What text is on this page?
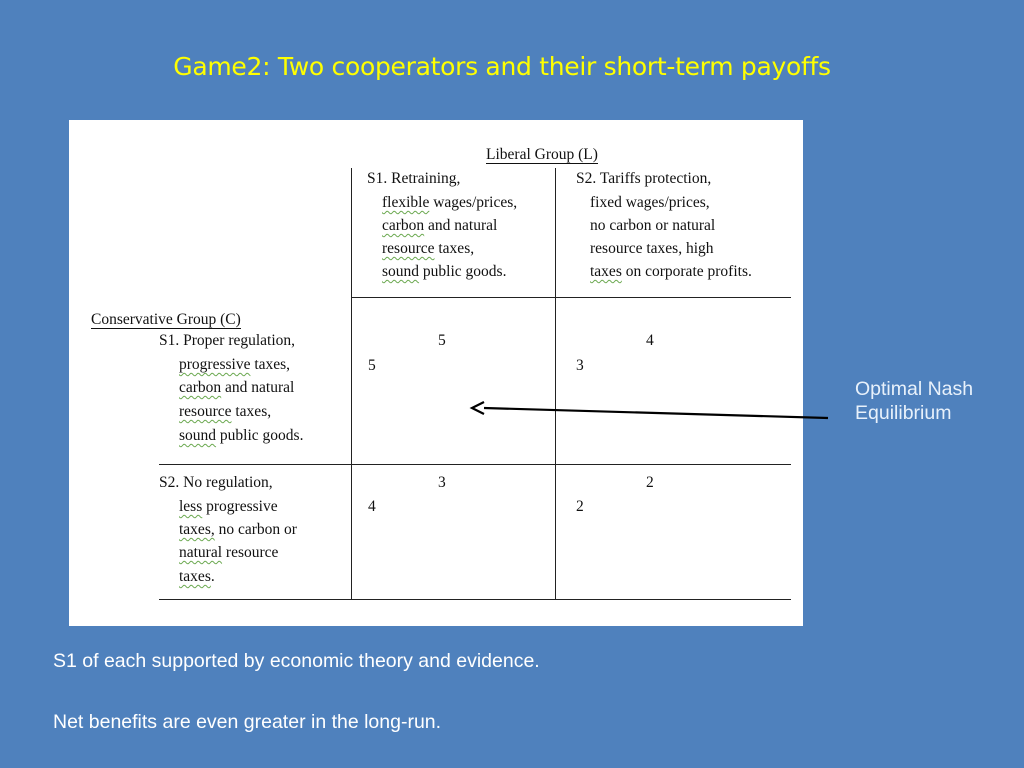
Game2: Two cooperators and their short-term payoffs
Liberal Group (L)
Conservative Group (C)
S1. Retraining,
flexible wages/prices,
carbon and natural
resource taxes,
sound public goods.
S2. Tariffs protection,
fixed wages/prices,
no carbon or natural
resource taxes, high
taxes on corporate profits.
S1. Proper regulation,
progressive taxes,
carbon and natural
resource taxes,
sound public goods.
S2. No regulation,
less progressive
taxes, no carbon or
natural resource
taxes.
5
5
4
3
3
4
2
2
Optimal Nash
Equilibrium
S1 of each supported by economic theory and evidence.
Net benefits are even greater in the long-run.
